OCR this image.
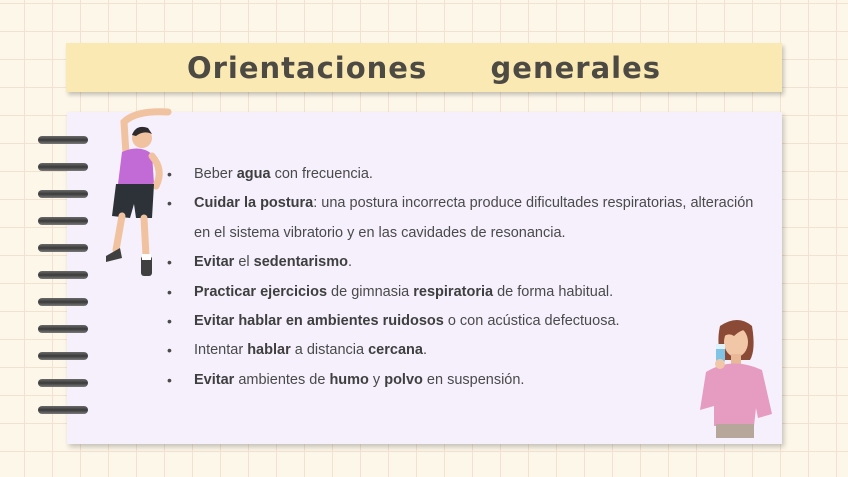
Orientaciones   generales
• Beber agua con frecuencia.
• Cuidar la postura: una postura incorrecta produce dificultades respiratorias, alteración en el sistema vibratorio y en las cavidades de resonancia.
• Evitar el sedentarismo.
• Practicar ejercicios de gimnasia respiratoria de forma habitual.
• Evitar hablar en ambientes ruidosos o con acústica defectuosa.
• Intentar hablar a distancia cercana.
• Evitar ambientes de humo y polvo en suspensión.
